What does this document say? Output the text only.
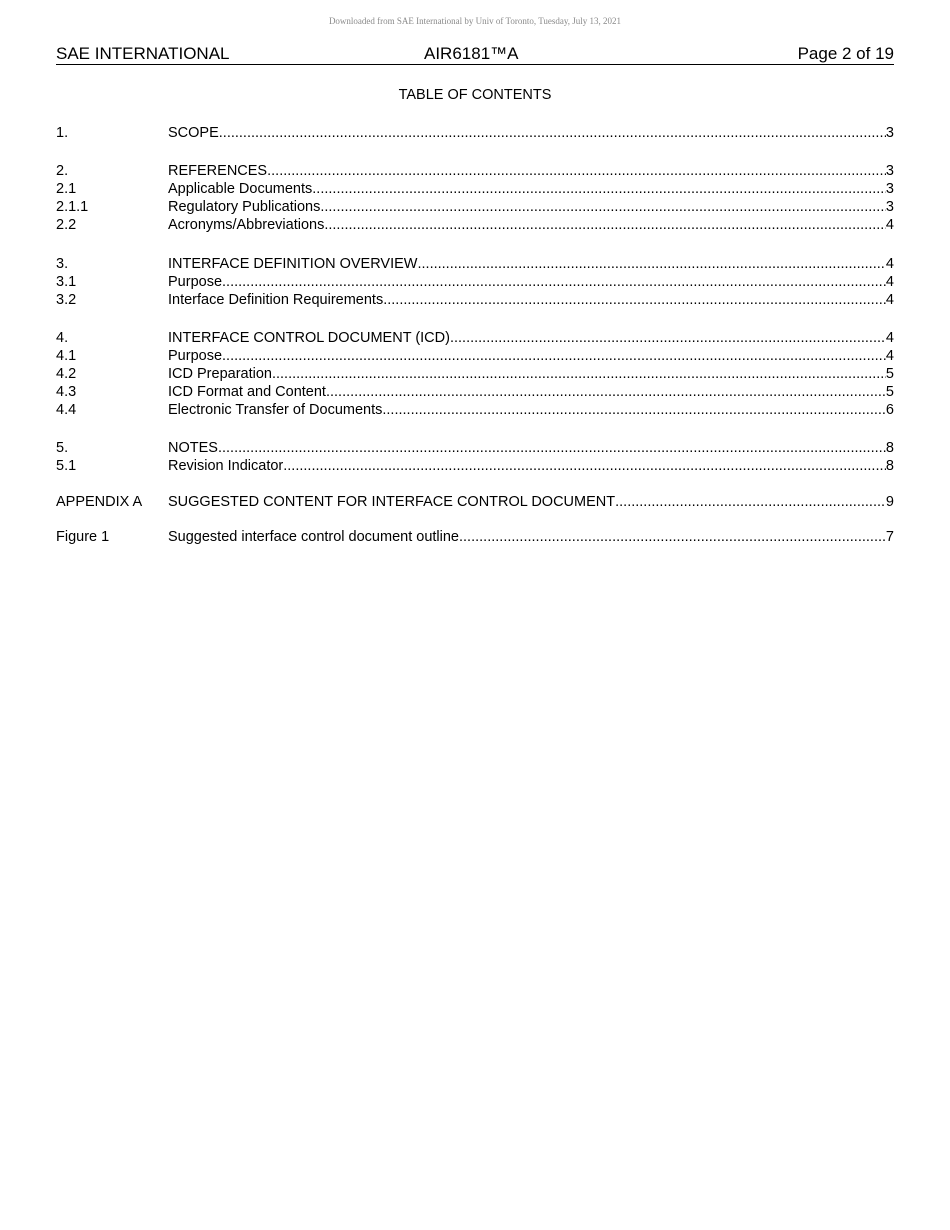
Downloaded from SAE International by Univ of Toronto, Tuesday, July 13, 2021
SAE INTERNATIONAL	AIR6181™A	Page 2 of 19
TABLE OF CONTENTS
1.	SCOPE .....	3
2.	REFERENCES .....	3
2.1	Applicable Documents .....	3
2.1.1	Regulatory Publications .....	3
2.2	Acronyms/Abbreviations .....	4
3.	INTERFACE DEFINITION OVERVIEW .....	4
3.1	Purpose .....	4
3.2	Interface Definition Requirements .....	4
4.	INTERFACE CONTROL DOCUMENT (ICD) .....	4
4.1	Purpose .....	4
4.2	ICD Preparation .....	5
4.3	ICD Format and Content .....	5
4.4	Electronic Transfer of Documents .....	6
5.	NOTES .....	8
5.1	Revision Indicator .....	8
APPENDIX A SUGGESTED CONTENT FOR INTERFACE CONTROL DOCUMENT .....	9
Figure 1	Suggested interface control document outline .....	7
